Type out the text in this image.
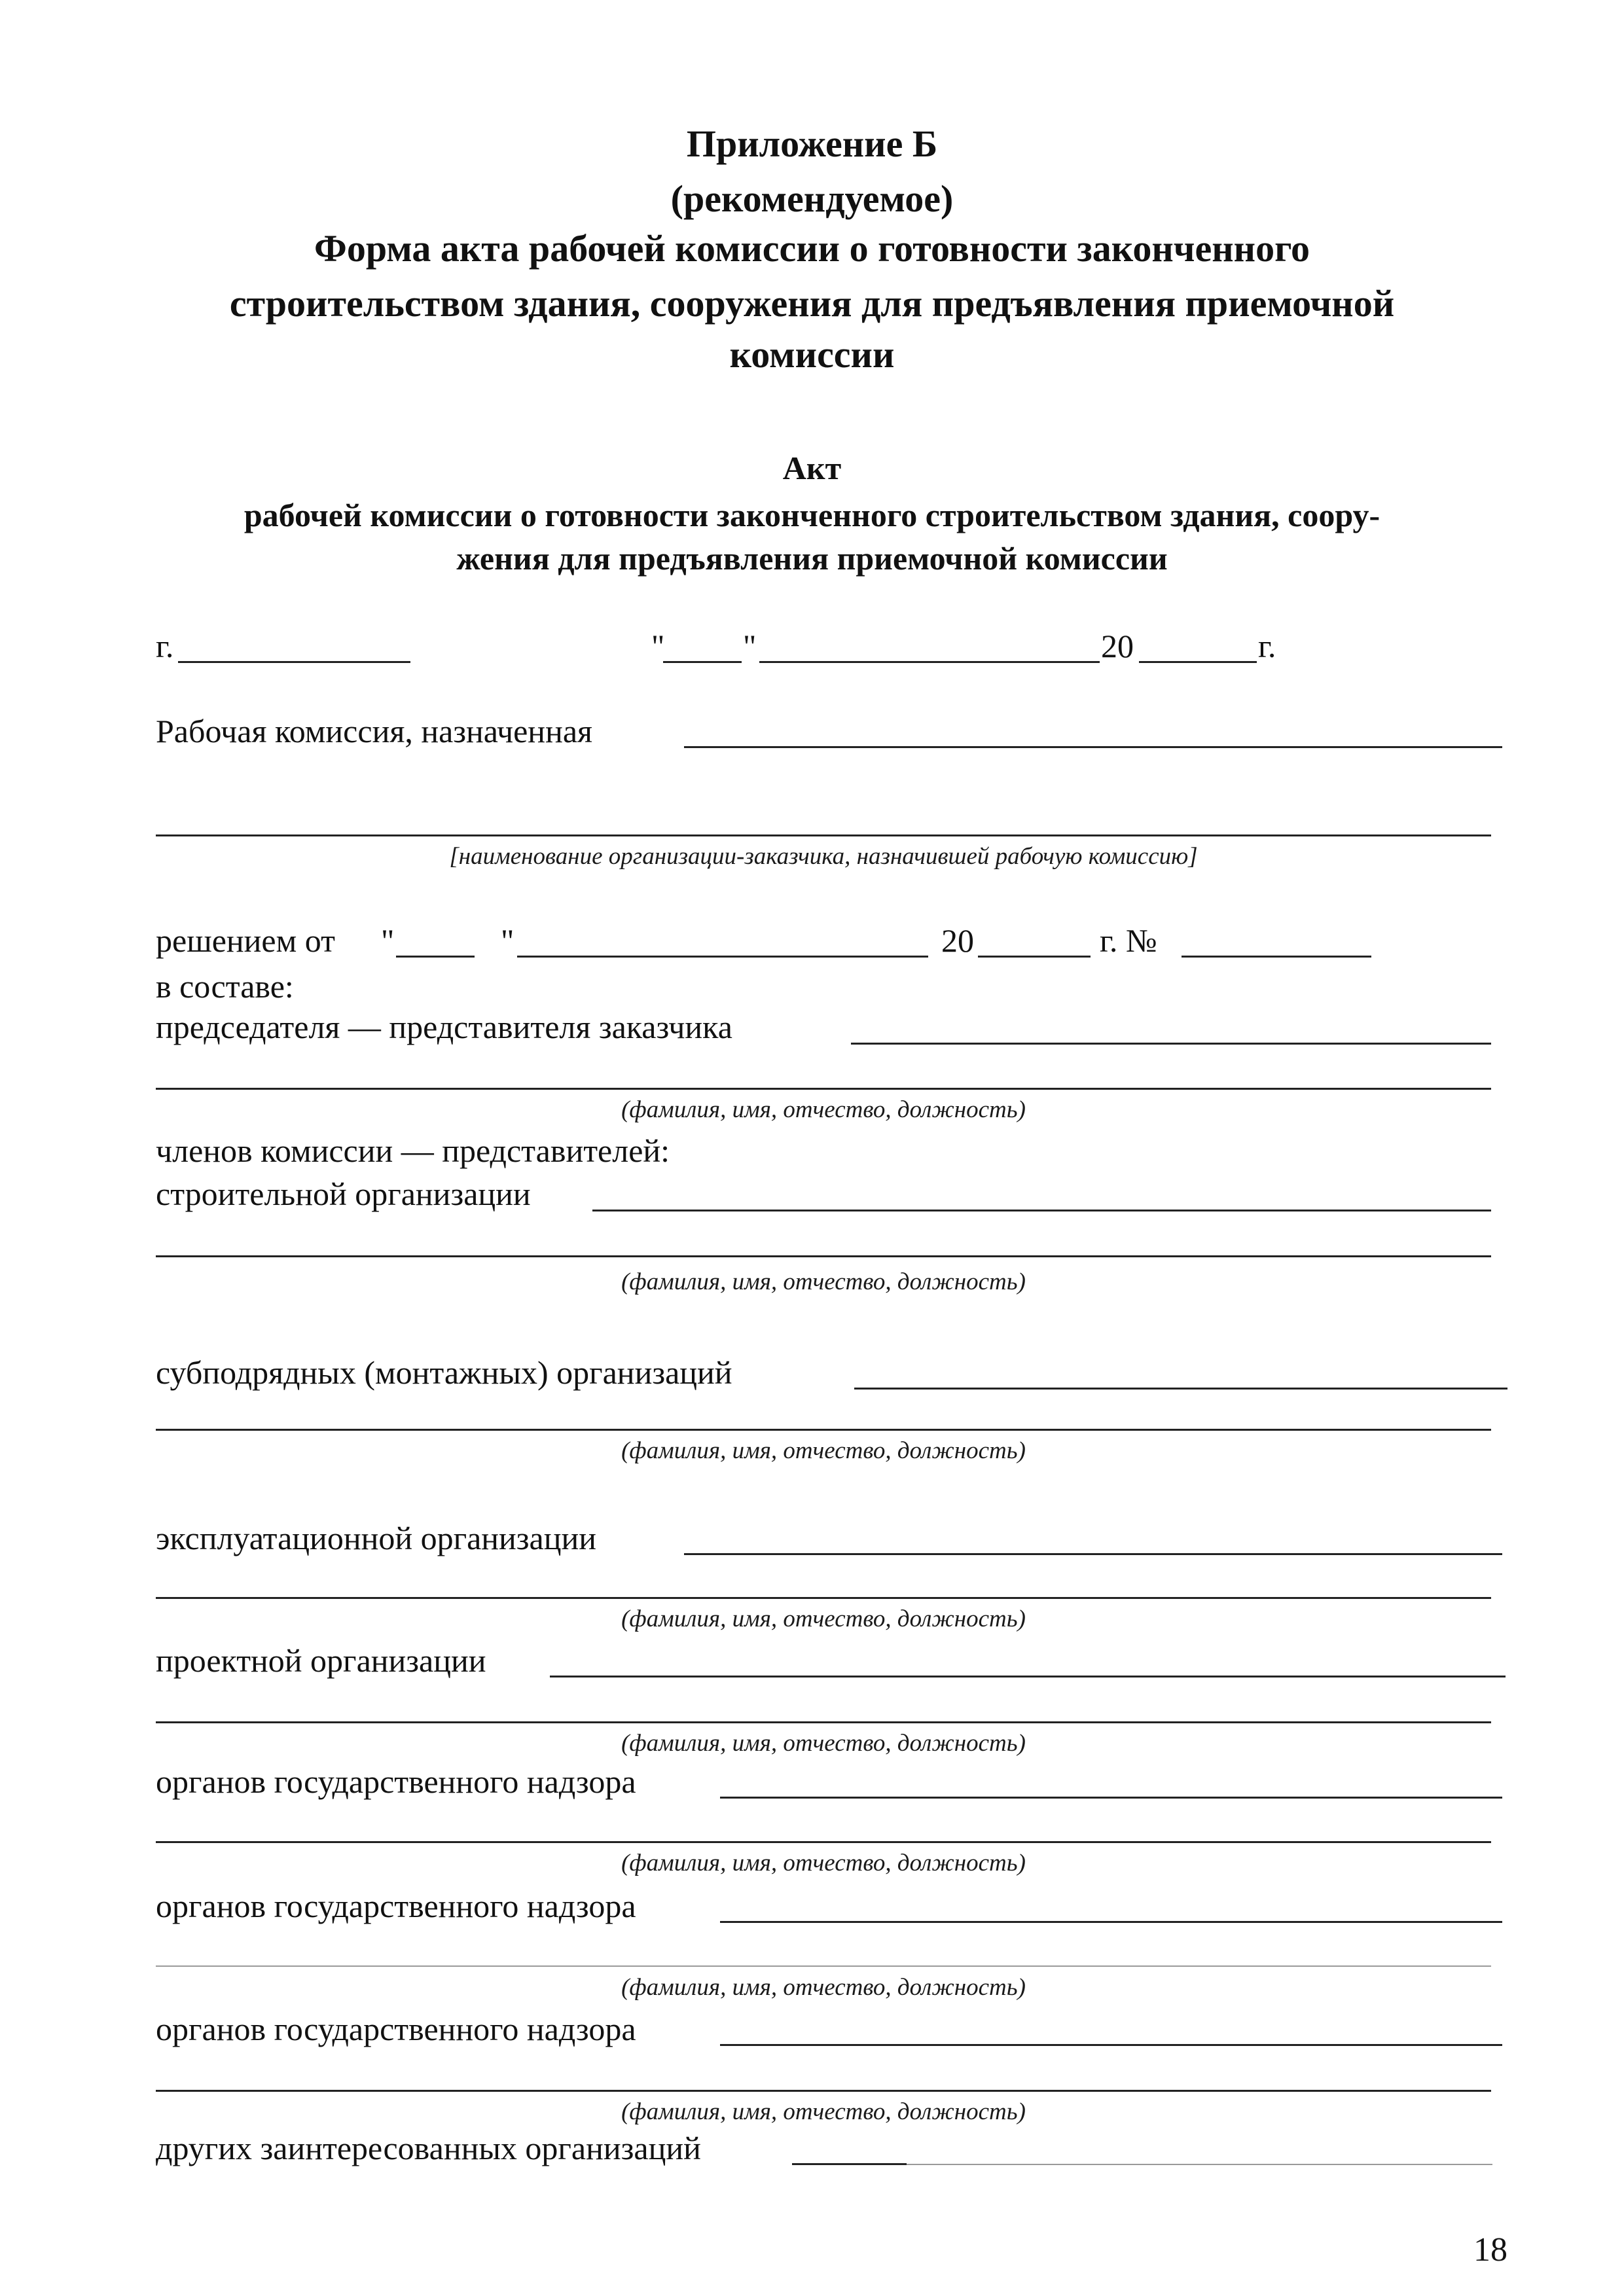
Приложение Б
(рекомендуемое)
Форма акта рабочей комиссии о готовности законченного
строительством здания, сооружения для предъявления приемочной
комиссии
Акт
рабочей комиссии о готовности законченного строительством здания, соору-
жения для предъявления приемочной комиссии
г.	" "	20	г.
Рабочая комиссия, назначенная
[наименование организации-заказчика, назначившей рабочую комиссию]
решением от "	"	20	г. №
в составе:
председателя — представителя заказчика
(фамилия, имя, отчество, должность)
членов комиссии — представителей:
строительной организации
(фамилия, имя, отчество, должность)
субподрядных (монтажных) организаций
(фамилия, имя, отчество, должность)
эксплуатационной организации
(фамилия, имя, отчество, должность)
проектной организации
(фамилия, имя, отчество, должность)
органов государственного надзора
(фамилия, имя, отчество, должность)
органов государственного надзора
(фамилия, имя, отчество, должность)
органов государственного надзора
(фамилия, имя, отчество, должность)
других заинтересованных организаций
18
